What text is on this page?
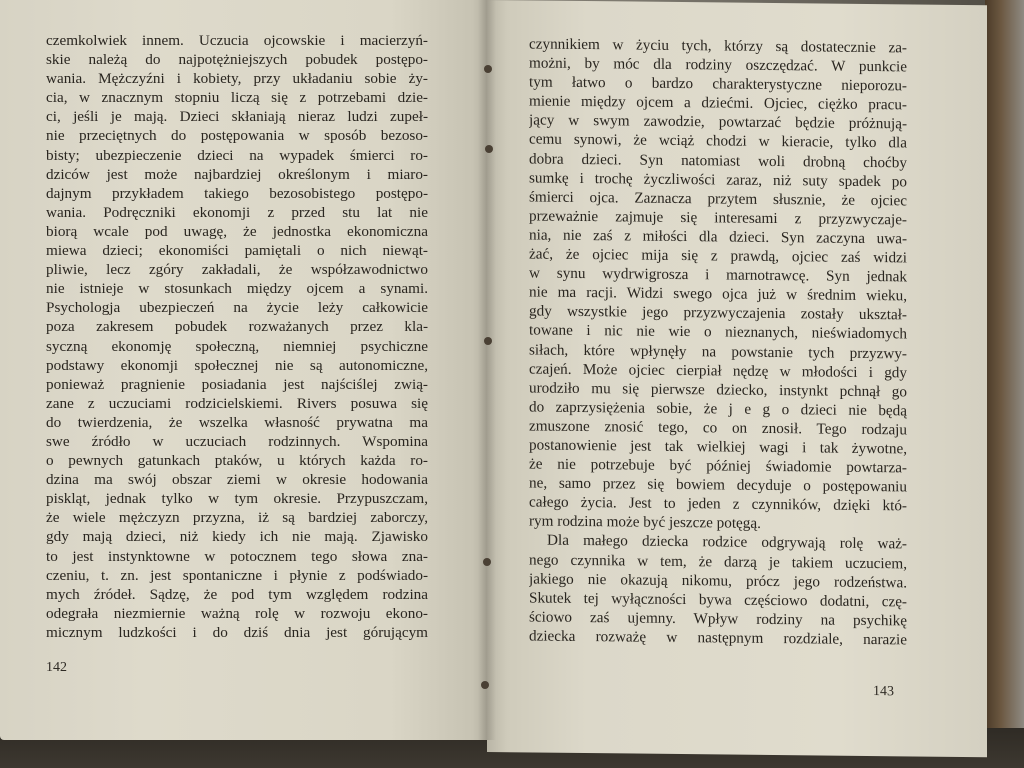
czemkolwiek innem. Uczucia ojcowskie i macierzyń-
skie należą do najpotężniejszych pobudek postępo-
wania. Mężczyźni i kobiety, przy układaniu sobie ży-
cia, w znacznym stopniu liczą się z potrzebami dzie-
ci, jeśli je mają. Dzieci skłaniają nieraz ludzi zupeł-
nie przeciętnych do postępowania w sposób bezoso-
bisty; ubezpieczenie dzieci na wypadek śmierci ro-
dziców jest może najbardziej określonym i miaro-
dajnym przykładem takiego bezosobistego postępo-
wania. Podręczniki ekonomji z przed stu lat nie
biorą wcale pod uwagę, że jednostka ekonomiczna
miewa dzieci; ekonomiści pamiętali o nich niewąt-
pliwie, lecz zgóry zakładali, że współzawodnictwo
nie istnieje w stosunkach między ojcem a synami.
Psychologja ubezpieczeń na życie leży całkowicie
poza zakresem pobudek rozważanych przez kla-
syczną ekonomję społeczną, niemniej psychiczne
podstawy ekonomji społecznej nie są autonomiczne,
ponieważ pragnienie posiadania jest najściślej zwią-
zane z uczuciami rodzicielskiemi. Rivers posuwa się
do twierdzenia, że wszelka własność prywatna ma
swe źródło w uczuciach rodzinnych. Wspomina
o pewnych gatunkach ptaków, u których każda ro-
dzina ma swój obszar ziemi w okresie hodowania
piskląt, jednak tylko w tym okresie. Przypuszczam,
że wiele mężczyzn przyzna, iż są bardziej zaborczy,
gdy mają dzieci, niż kiedy ich nie mają. Zjawisko
to jest instynktowne w potocznem tego słowa zna-
czeniu, t. zn. jest spontaniczne i płynie z podświado-
mych źródeł. Sądzę, że pod tym względem rodzina
odegrała niezmiernie ważną rolę w rozwoju ekono-
micznym ludzkości i do dziś dnia jest górującym
142
czynnikiem w życiu tych, którzy są dostatecznie za-
możni, by móc dla rodziny oszczędzać. W punkcie
tym łatwo o bardzo charakterystyczne nieporozu-
mienie między ojcem a dziećmi. Ojciec, ciężko pracu-
jący w swym zawodzie, powtarzać będzie próżnują-
cemu synowi, że wciąż chodzi w kieracie, tylko dla
dobra dzieci. Syn natomiast woli drobną choćby
sumkę i trochę życzliwości zaraz, niż suty spadek po
śmierci ojca. Zaznacza przytem słusznie, że ojciec
przeważnie zajmuje się interesami z przyzwyczaje-
nia, nie zaś z miłości dla dzieci. Syn zaczyna uwa-
żać, że ojciec mija się z prawdą, ojciec zaś widzi
w synu wydrwigrosza i marnotrawcę. Syn jednak
nie ma racji. Widzi swego ojca już w średnim wieku,
gdy wszystkie jego przyzwyczajenia zostały ukształ-
towane i nic nie wie o nieznanych, nieświadomych
siłach, które wpłynęły na powstanie tych przyzwy-
czajeń. Może ojciec cierpiał nędzę w młodości i gdy
urodziło mu się pierwsze dziecko, instynkt pchnął go
do zaprzysiężenia sobie, że j e g o dzieci nie będą
zmuszone znosić tego, co on znosił. Tego rodzaju
postanowienie jest tak wielkiej wagi i tak żywotne,
że nie potrzebuje być później świadomie powtarza-
ne, samo przez się bowiem decyduje o postępowaniu
całego życia. Jest to jeden z czynników, dzięki któ-
rym rodzina może być jeszcze potęgą.
Dla małego dziecka rodzice odgrywają rolę waż-
nego czynnika w tem, że darzą je takiem uczuciem,
jakiego nie okazują nikomu, prócz jego rodzeństwa.
Skutek tej wyłączności bywa częściowo dodatni, czę-
ściowo zaś ujemny. Wpływ rodziny na psychikę
dziecka rozważę w następnym rozdziale, narazie
143
